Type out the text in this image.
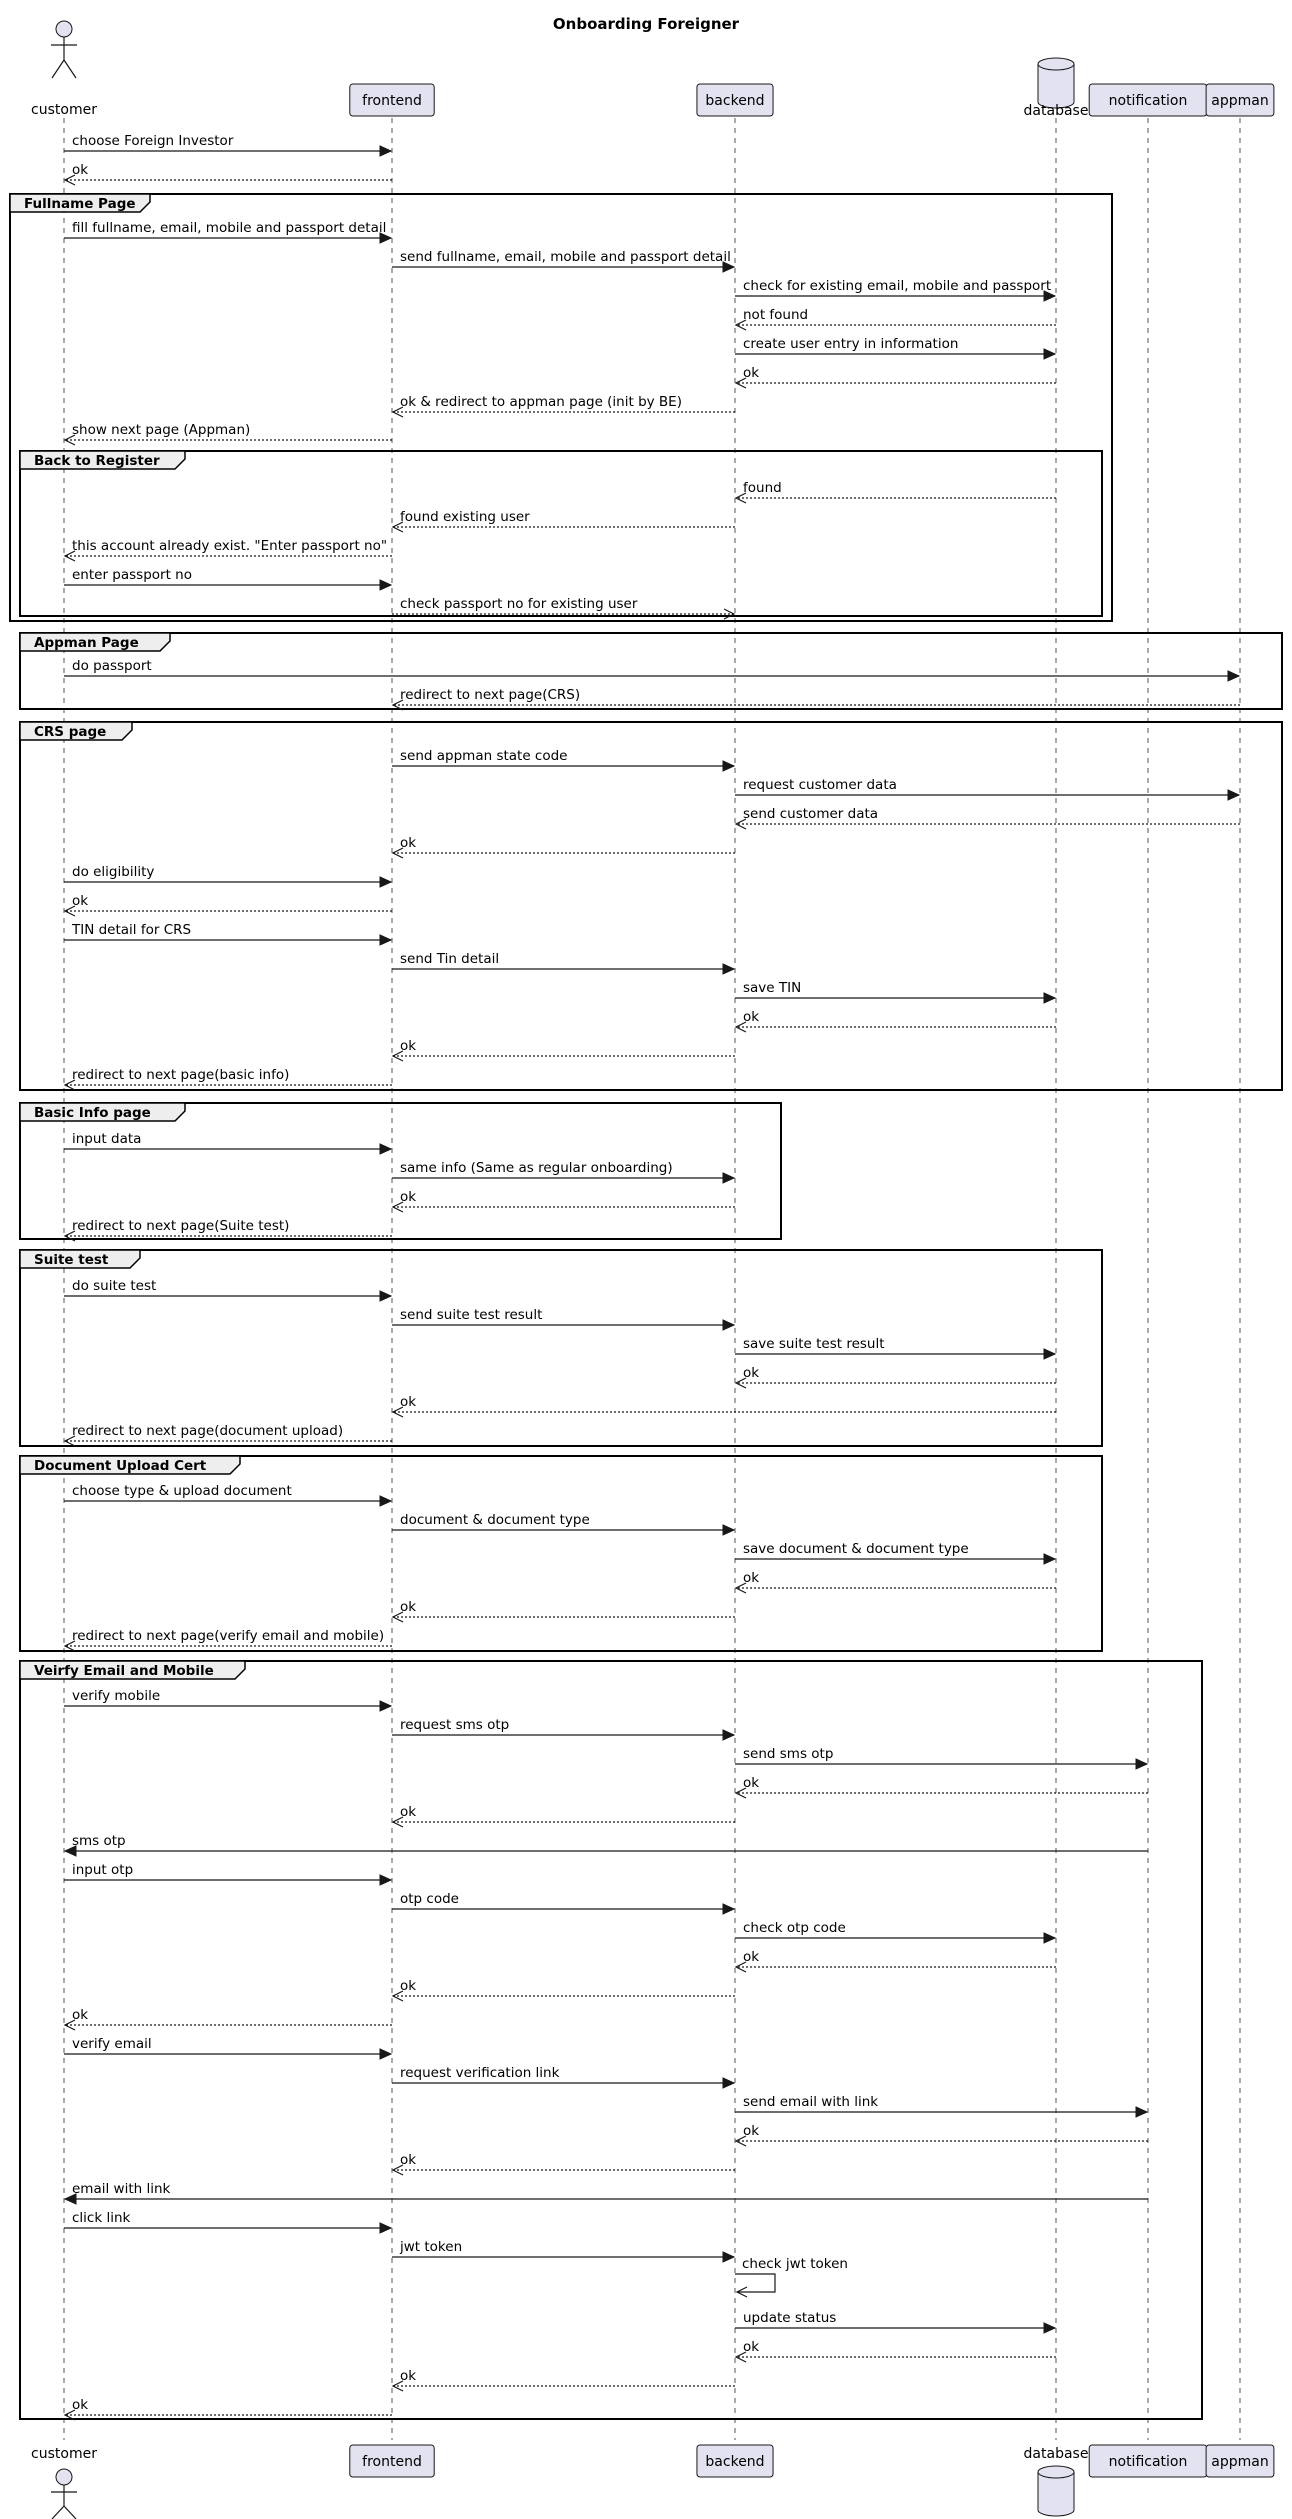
Onboarding Foreigner
Fullname Page
Back to Register
Appman Page
CRS page
Basic Info page
Suite test
Document Upload Cert
Veirfy Email and Mobile
choose Foreign Investor
ok
fill fullname, email, mobile and passport detail
send fullname, email, mobile and passport detail
check for existing email, mobile and passport
not found
create user entry in information
ok
ok & redirect to appman page (init by BE)
show next page (Appman)
found
found existing user
this account already exist. "Enter passport no"
enter passport no
check passport no for existing user
do passport
redirect to next page(CRS)
send appman state code
request customer data
send customer data
ok
do eligibility
ok
TIN detail for CRS
send Tin detail
save TIN
ok
ok
redirect to next page(basic info)
input data
same info (Same as regular onboarding)
ok
redirect to next page(Suite test)
do suite test
send suite test result
save suite test result
ok
ok
redirect to next page(document upload)
choose type & upload document
document & document type
save document & document type
ok
ok
redirect to next page(verify email and mobile)
verify mobile
request sms otp
send sms otp
ok
ok
sms otp
input otp
otp code
check otp code
ok
ok
ok
verify email
request verification link
send email with link
ok
ok
email with link
click link
jwt token
check jwt token
update status
ok
ok
ok
customer
customer
frontend
frontend
backend
backend
database
database
notification
notification
appman
appman
